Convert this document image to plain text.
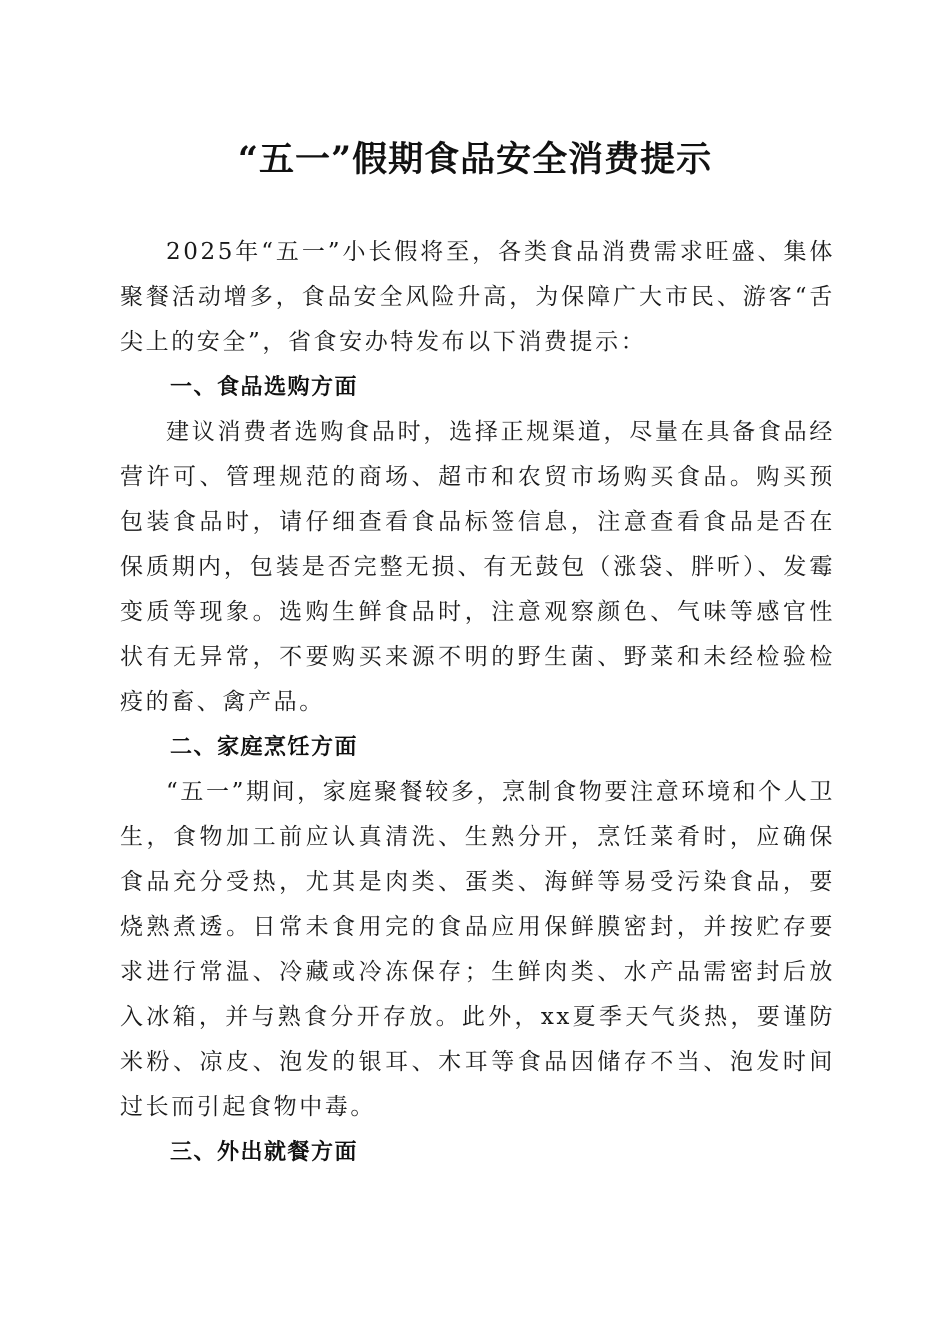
“五一”假期食品安全消费提示

2025年“五一”小长假将至，各类食品消费需求旺盛、集体聚餐活动增多，食品安全风险升高，为保障广大市民、游客“舌尖上的安全”，省食安办特发布以下消费提示：

一、食品选购方面

建议消费者选购食品时，选择正规渠道，尽量在具备食品经营许可、管理规范的商场、超市和农贸市场购买食品。购买预包装食品时，请仔细查看食品标签信息，注意查看食品是否在保质期内，包装是否完整无损、有无鼓包（涨袋、胖听）、发霉变质等现象。选购生鲜食品时，注意观察颜色、气味等感官性状有无异常，不要购买来源不明的野生菌、野菜和未经检验检疫的畜、禽产品。

二、家庭烹饪方面

“五一”期间，家庭聚餐较多，烹制食物要注意环境和个人卫生，食物加工前应认真清洗、生熟分开，烹饪菜肴时，应确保食品充分受热，尤其是肉类、蛋类、海鲜等易受污染食品，要烧熟煮透。日常未食用完的食品应用保鲜膜密封，并按贮存要求进行常温、冷藏或冷冻保存；生鲜肉类、水产品需密封后放入冰箱，并与熟食分开存放。此外，xx夏季天气炎热，要谨防米粉、凉皮、泡发的银耳、木耳等食品因储存不当、泡发时间过长而引起食物中毒。

三、外出就餐方面
